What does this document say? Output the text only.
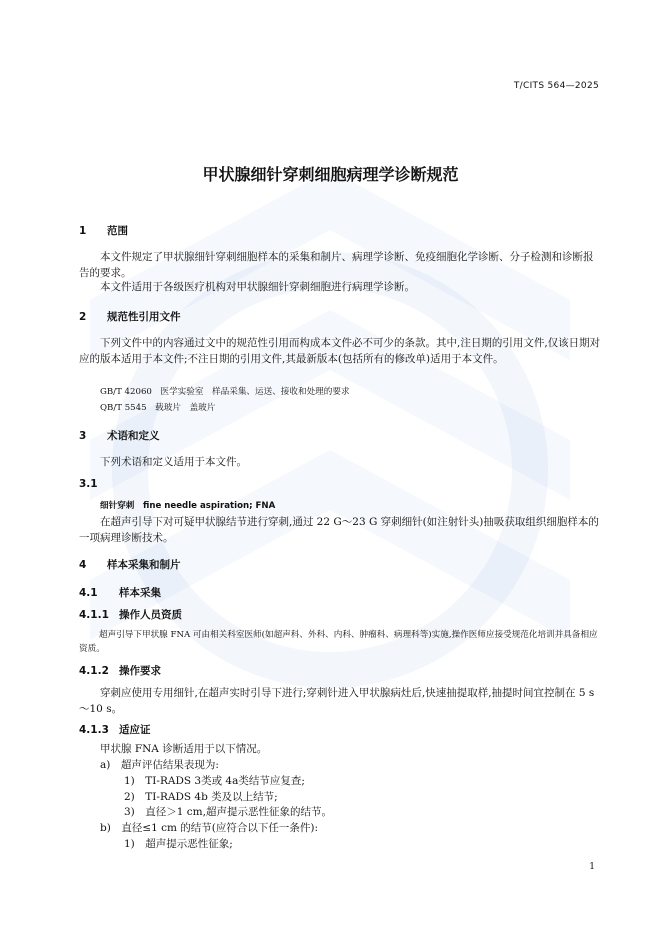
T/CITS 564—2025
甲状腺细针穿刺细胞病理学诊断规范
1 范围
本文件规定了甲状腺细针穿刺细胞样本的采集和制片、病理学诊断、免疫细胞化学诊断、分子检测和诊断报告的要求。
本文件适用于各级医疗机构对甲状腺细针穿刺细胞进行病理学诊断。
2 规范性引用文件
下列文件中的内容通过文中的规范性引用而构成本文件必不可少的条款。其中,注日期的引用文件,仅该日期对应的版本适用于本文件;不注日期的引用文件,其最新版本(包括所有的修改单)适用于本文件。
GB/T 42060　医学实验室　样品采集、运送、接收和处理的要求
QB/T 5545　载玻片　盖玻片
3 术语和定义
下列术语和定义适用于本文件。
3.1
细针穿刺　fine needle aspiration; FNA
在超声引导下对可疑甲状腺结节进行穿刺,通过 22 G～23 G 穿刺细针(如注射针头)抽吸获取组织细胞样本的一项病理诊断技术。
4 样本采集和制片
4.1 样本采集
4.1.1 操作人员资质
超声引导下甲状腺 FNA 可由相关科室医师(如超声科、外科、内科、肿瘤科、病理科等)实施,操作医师应接受规范化培训并具备相应资质。
4.1.2 操作要求
穿刺应使用专用细针,在超声实时引导下进行;穿刺针进入甲状腺病灶后,快速抽提取样,抽提时间宜控制在 5 s～10 s。
4.1.3 适应证
甲状腺 FNA 诊断适用于以下情况。
a)　超声评估结果表现为:
1)　TI-RADS 3类或 4a类结节应复查;
2)　TI-RADS 4b 类及以上结节;
3)　直径＞1 cm,超声提示恶性征象的结节。
b)　直径≤1 cm 的结节(应符合以下任一条件):
1)　超声提示恶性征象;
1
